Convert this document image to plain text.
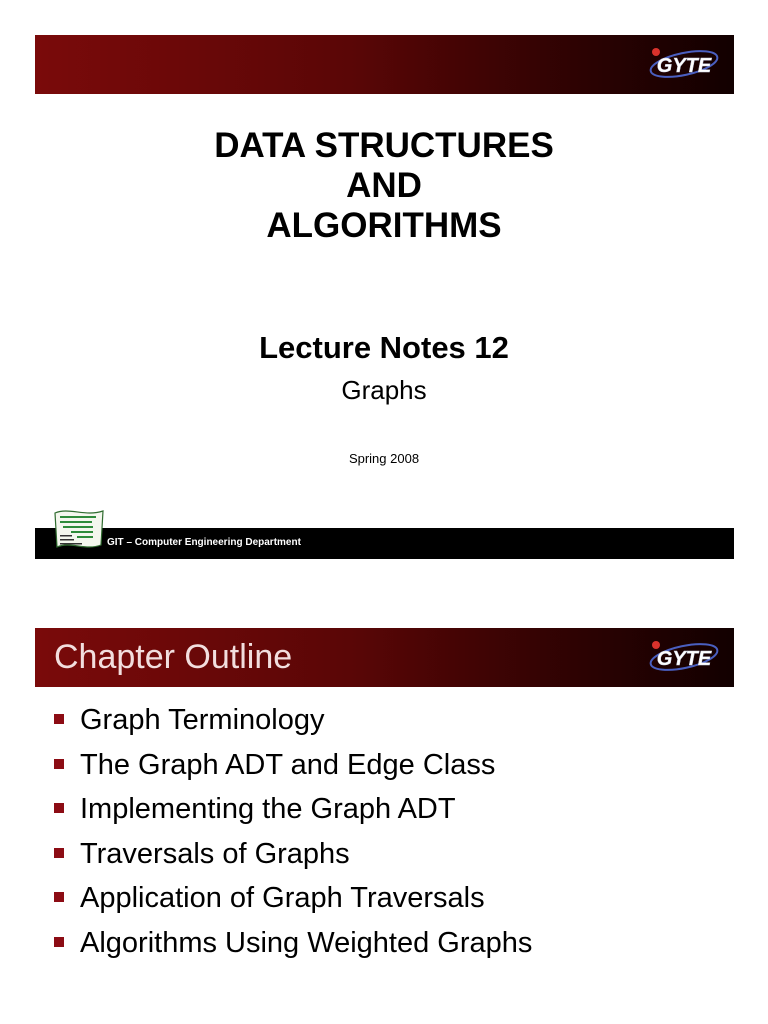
GYTE
DATA STRUCTURES
AND
ALGORITHMS
Lecture Notes 12
Graphs
Spring 2008
GIT – Computer Engineering Department
Chapter Outline	GYTE
Graph Terminology
The Graph ADT and Edge Class
Implementing the Graph ADT
Traversals of Graphs
Application of Graph Traversals
Algorithms Using Weighted Graphs
